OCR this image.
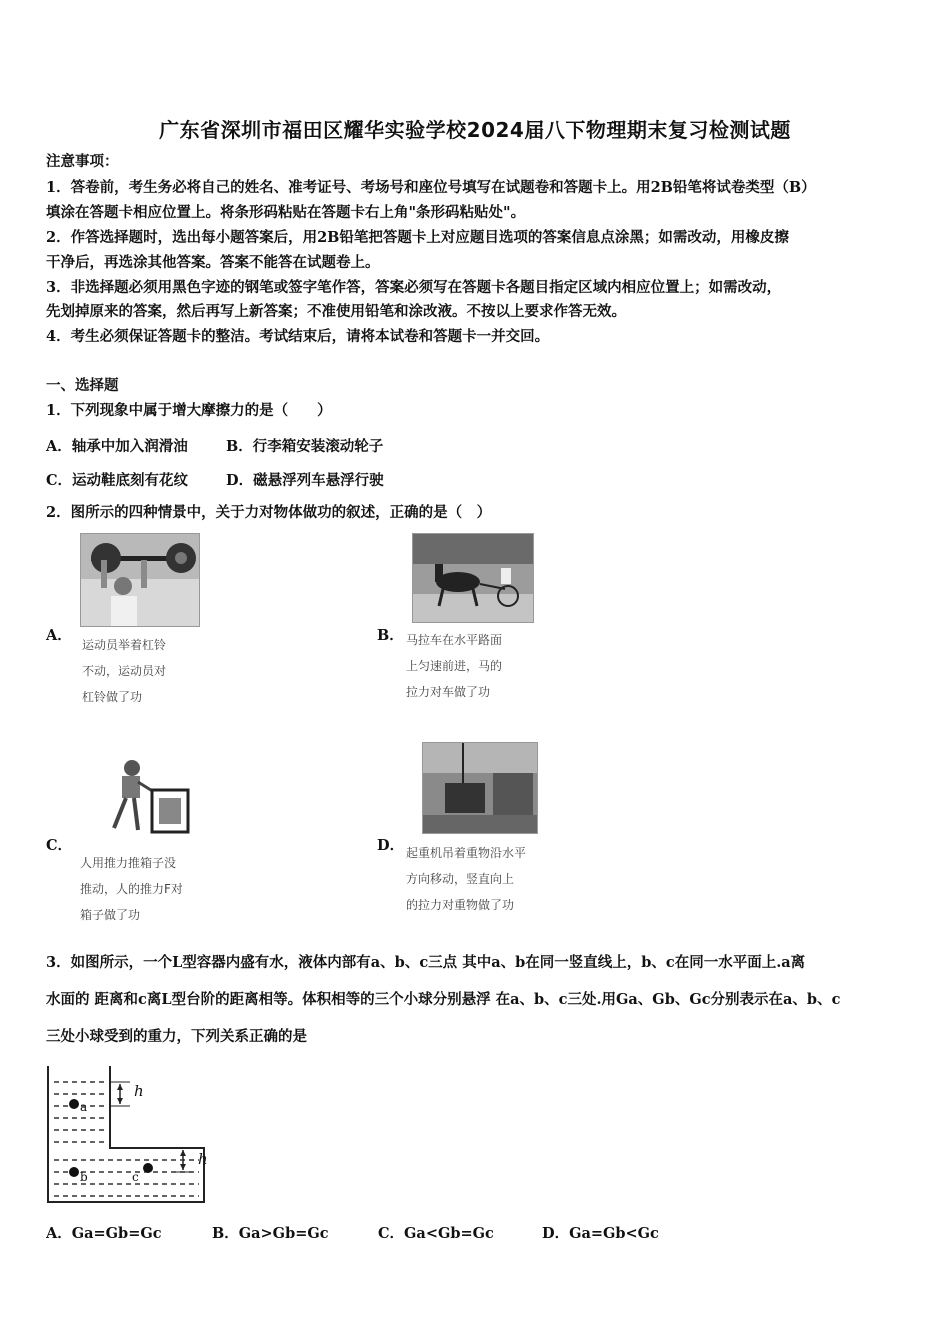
广东省深圳市福田区耀华实验学校2024届八下物理期末复习检测试题
注意事项：
1．答卷前，考生务必将自己的姓名、准考证号、考场号和座位号填写在试题卷和答题卡上。用2B铅笔将试卷类型（B）
填涂在答题卡相应位置上。将条形码粘贴在答题卡右上角"条形码粘贴处"。
2．作答选择题时，选出每小题答案后，用2B铅笔把答题卡上对应题目选项的答案信息点涂黑；如需改动，用橡皮擦
干净后，再选涂其他答案。答案不能答在试题卷上。
3．非选择题必须用黑色字迹的钢笔或签字笔作答，答案必须写在答题卡各题目指定区域内相应位置上；如需改动，
先划掉原来的答案，然后再写上新答案；不准使用铅笔和涂改液。不按以上要求作答无效。
4．考生必须保证答题卡的整洁。考试结束后，请将本试卷和答题卡一并交回。
一、选择题
1．下列现象中属于增大摩擦力的是（　　）
A．轴承中加入润滑油	B．行李箱安装滚动轮子
C．运动鞋底刻有花纹	D．磁悬浮列车悬浮行驶
2．图所示的四种情景中，关于力对物体做功的叙述，正确的是（　）
A．
运动员举着杠铃
不动，运动员对
杠铃做了功
B． 马拉车在水平路面
上匀速前进，马的
拉力对车做了功
C．
人用推力推箱子没
推动，人的推力F对
箱子做了功
D． 起重机吊着重物沿水平
方向移动，竖直向上
的拉力对重物做了功
3．如图所示，一个L型容器内盛有水，液体内部有a、b、c三点 其中a、b在同一竖直线上，b、c在同一水平面上.a离
水面的 距离和c离L型台阶的距离相等。体积相等的三个小球分别悬浮 在a、b、c三处.用Ga、Gb、Gc分别表示在a、b、c
三处小球受到的重力，下列关系正确的是
h
h
a
b	c
A．Ga=Gb=Gc	B．Ga>Gb=Gc	C．Ga<Gb=Gc	D．Ga=Gb<Gc
